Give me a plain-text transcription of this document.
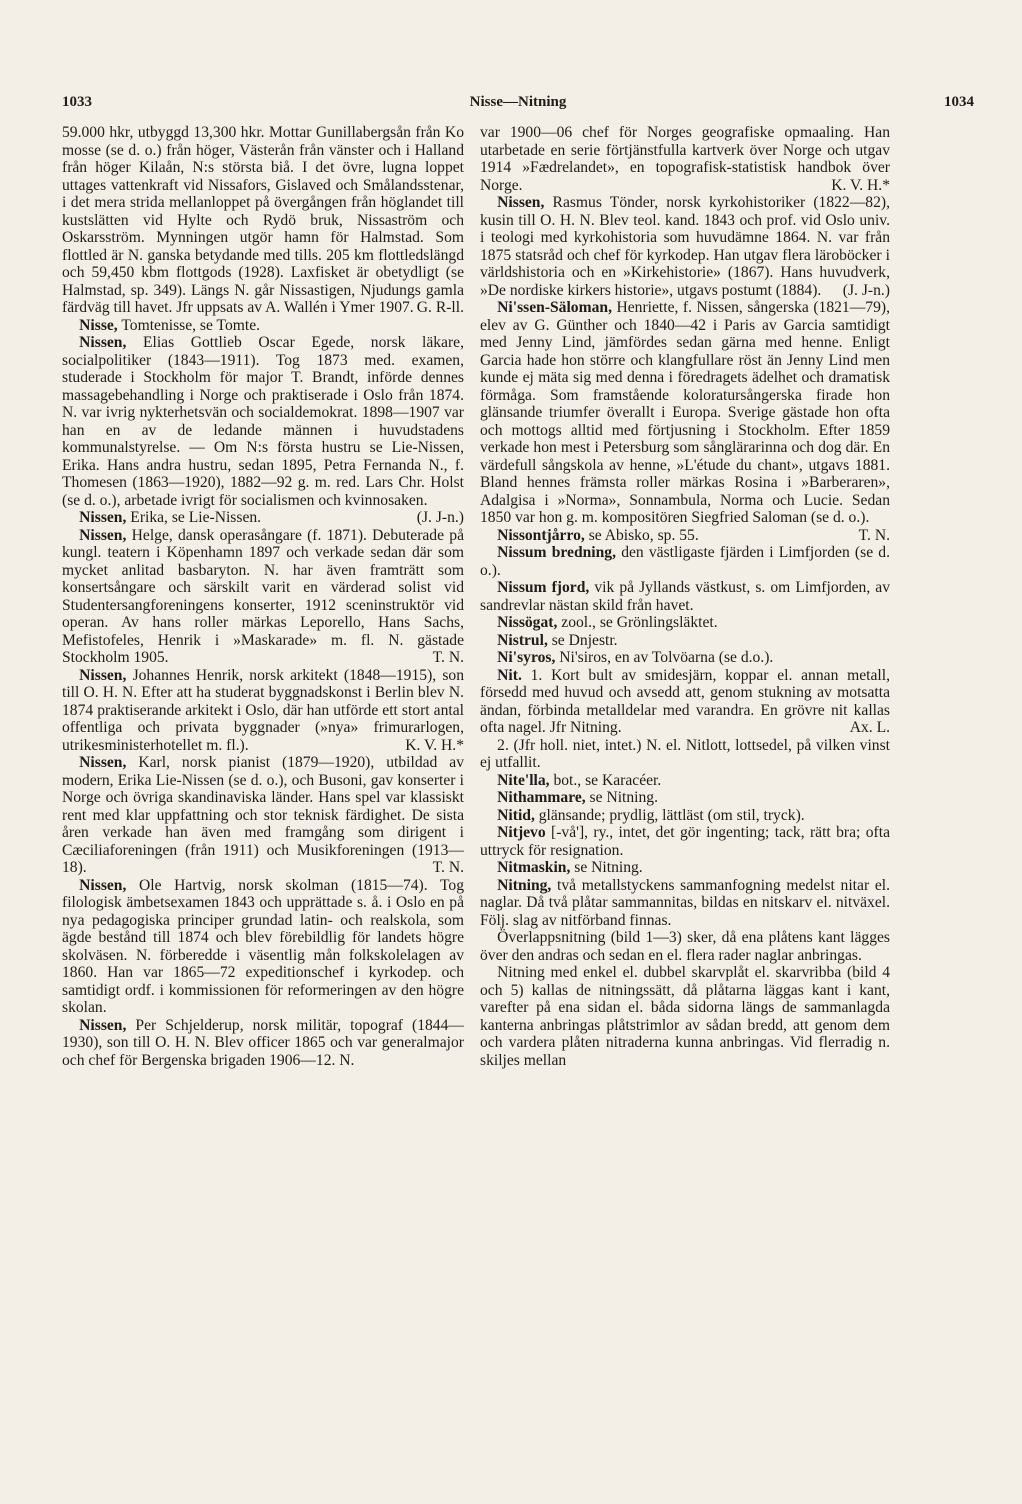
1033	Nisse—Nitning	1034

59.000 hkr, utbyggd 13,300 hkr. Mottar Gunillabergsån från Ko mosse (se d. o.) från höger, Västerån från vänster och i Halland från höger Kilaån, N:s största biå. I det övre, lugna loppet uttages vattenkraft vid Nissafors, Gislaved och Smålandsstenar, i det mera strida mellanloppet på övergången från höglandet till kustslätten vid Hylte och Rydö bruk, Nissaström och Oskarsström. Mynningen utgör hamn för Halmstad. Som flottled är N. ganska betydande med tills. 205 km flottledslängd och 59,450 kbm flottgods (1928). Laxfisket är obetydligt (se Halmstad, sp. 349). Längs N. går Nissastigen, Njudungs gamla färdväg till havet. Jfr uppsats av A. Wallén i Ymer 1907. G. R-ll.

Nisse, Tomtenisse, se Tomte.

Nissen, Elias Gottlieb Oscar Egede, norsk läkare, socialpolitiker (1843—1911). Tog 1873 med. examen, studerade i Stockholm för major T. Brandt, införde dennes massagebehandling i Norge och praktiserade i Oslo från 1874. N. var ivrig nykterhetsvän och socialdemokrat. 1898—1907 var han en av de ledande männen i huvudstadens kommunalstyrelse. — Om N:s första hustru se Lie-Nissen, Erika. Hans andra hustru, sedan 1895, Petra Fernanda N., f. Thomesen (1863—1920), 1882—92 g. m. red. Lars Chr. Holst (se d. o.), arbetade ivrigt för socialismen och kvinnosaken.
(J. J-n.)

Nissen, Erika, se Lie-Nissen.

Nissen, Helge, dansk operasångare (f. 1871). Debuterade på kungl. teatern i Köpenhamn 1897 och verkade sedan där som mycket anlitad basbaryton. N. har även framträtt som konsertsångare och särskilt varit en värderad solist vid Studentersangforeningens konserter, 1912 sceninstruktör vid operan. Av hans roller märkas Leporello, Hans Sachs, Mefistofeles, Henrik i »Maskarade» m. fl. N. gästade Stockholm 1905.	T. N.

Nissen, Johannes Henrik, norsk arkitekt (1848—1915), son till O. H. N. Efter att ha studerat byggnadskonst i Berlin blev N. 1874 praktiserande arkitekt i Oslo, där han utförde ett stort antal offentliga och privata byggnader (»nya» frimurarlogen, utrikesministerhotellet m. fl.).	K. V. H.*

Nissen, Karl, norsk pianist (1879—1920), utbildad av modern, Erika Lie-Nissen (se d. o.), och Busoni, gav konserter i Norge och övriga skandinaviska länder. Hans spel var klassiskt rent med klar uppfattning och stor teknisk färdighet. De sista åren verkade han även med framgång som dirigent i Cæciliaforeningen (från 1911) och Musikforeningen (1913—18).	T. N.

Nissen, Ole Hartvig, norsk skolman (1815—74). Tog filologisk ämbetsexamen 1843 och upprättade s. å. i Oslo en på nya pedagogiska principer grundad latin- och realskola, som ägde bestånd till 1874 och blev förebildlig för landets högre skolväsen. N. förberedde i väsentlig mån folkskolelagen av 1860. Han var 1865—72 expeditionschef i kyrkodep. och samtidigt ordf. i kommissionen för reformeringen av den högre skolan.

Nissen, Per Schjelderup, norsk militär, topograf (1844—1930), son till O. H. N. Blev officer 1865 och var generalmajor och chef för Bergenska brigaden 1906—12. N.

var 1900—06 chef för Norges geografiske opmaaling. Han utarbetade en serie förtjänstfulla kartverk över Norge och utgav 1914 »Fædrelandet», en topografisk-statistisk handbok över Norge.	K. V. H.*

Nissen, Rasmus Tönder, norsk kyrkohistoriker (1822—82), kusin till O. H. N. Blev teol. kand. 1843 och prof. vid Oslo univ. i teologi med kyrkohistoria som huvudämne 1864. N. var från 1875 statsråd och chef för kyrkodep. Han utgav flera läroböcker i världshistoria och en »Kirkehistorie» (1867). Hans huvudverk, »De nordiske kirkers historie», utgavs postumt (1884).	(J. J-n.)

Ni'ssen-Säloman, Henriette, f. Nissen, sångerska (1821—79), elev av G. Günther och 1840—42 i Paris av Garcia samtidigt med Jenny Lind, jämfördes sedan gärna med henne. Enligt Garcia hade hon större och klangfullare röst än Jenny Lind men kunde ej mäta sig med denna i föredragets ädelhet och dramatisk förmåga. Som framstående koloratursångerska firade hon glänsande triumfer överallt i Europa. Sverige gästade hon ofta och mottogs alltid med förtjusning i Stockholm. Efter 1859 verkade hon mest i Petersburg som sånglärarinna och dog där. En värdefull sångskola av henne, »L'étude du chant», utgavs 1881. Bland hennes främsta roller märkas Rosina i »Barberaren», Adalgisa i »Norma», Sonnambula, Norma och Lucie. Sedan 1850 var hon g. m. kompositören Siegfried Saloman (se d. o.).
T. N.

Nissontjårro, se Abisko, sp. 55.

Nissum bredning, den västligaste fjärden i Limfjorden (se d. o.).

Nissum fjord, vik på Jyllands västkust, s. om Limfjorden, av sandrevlar nästan skild från havet.

Nissögat, zool., se Grönlingsläktet.

Nistrul, se Dnjestr.

Ni'syros, Ni'siros, en av Tolvöarna (se d.o.).

Nit. 1. Kort bult av smidesjärn, koppar el. annan metall, försedd med huvud och avsedd att, genom stukning av motsatta ändan, förbinda metalldelar med varandra. En grövre nit kallas ofta nagel. Jfr Nitning.	Ax. L.

2. (Jfr holl. niet, intet.) N. el. Nitlott, lottsedel, på vilken vinst ej utfallit.

Nite'lla, bot., se Karacéer.

Nithammare, se Nitning.

Nitid, glänsande; prydlig, lättläst (om stil, tryck).

Nitjevo [-vå'], ry., intet, det gör ingenting; tack, rätt bra; ofta uttryck för resignation.

Nitmaskin, se Nitning.

Nitning, två metallstyckens sammanfogning medelst nitar el. naglar. Då två plåtar sammannitas, bildas en nitskarv el. nitväxel. Följ. slag av nitförband finnas.

Överlappsnitning (bild 1—3) sker, då ena plåtens kant lägges över den andras och sedan en el. flera rader naglar anbringas.

Nitning med enkel el. dubbel skarvplåt el. skarvribba (bild 4 och 5) kallas de nitningssätt, då plåtarna läggas kant i kant, varefter på ena sidan el. båda sidorna längs de sammanlagda kanterna anbringas plåtstrimlor av sådan bredd, att genom dem och vardera plåten nitraderna kunna anbringas. Vid flerradig n. skiljes mellan
